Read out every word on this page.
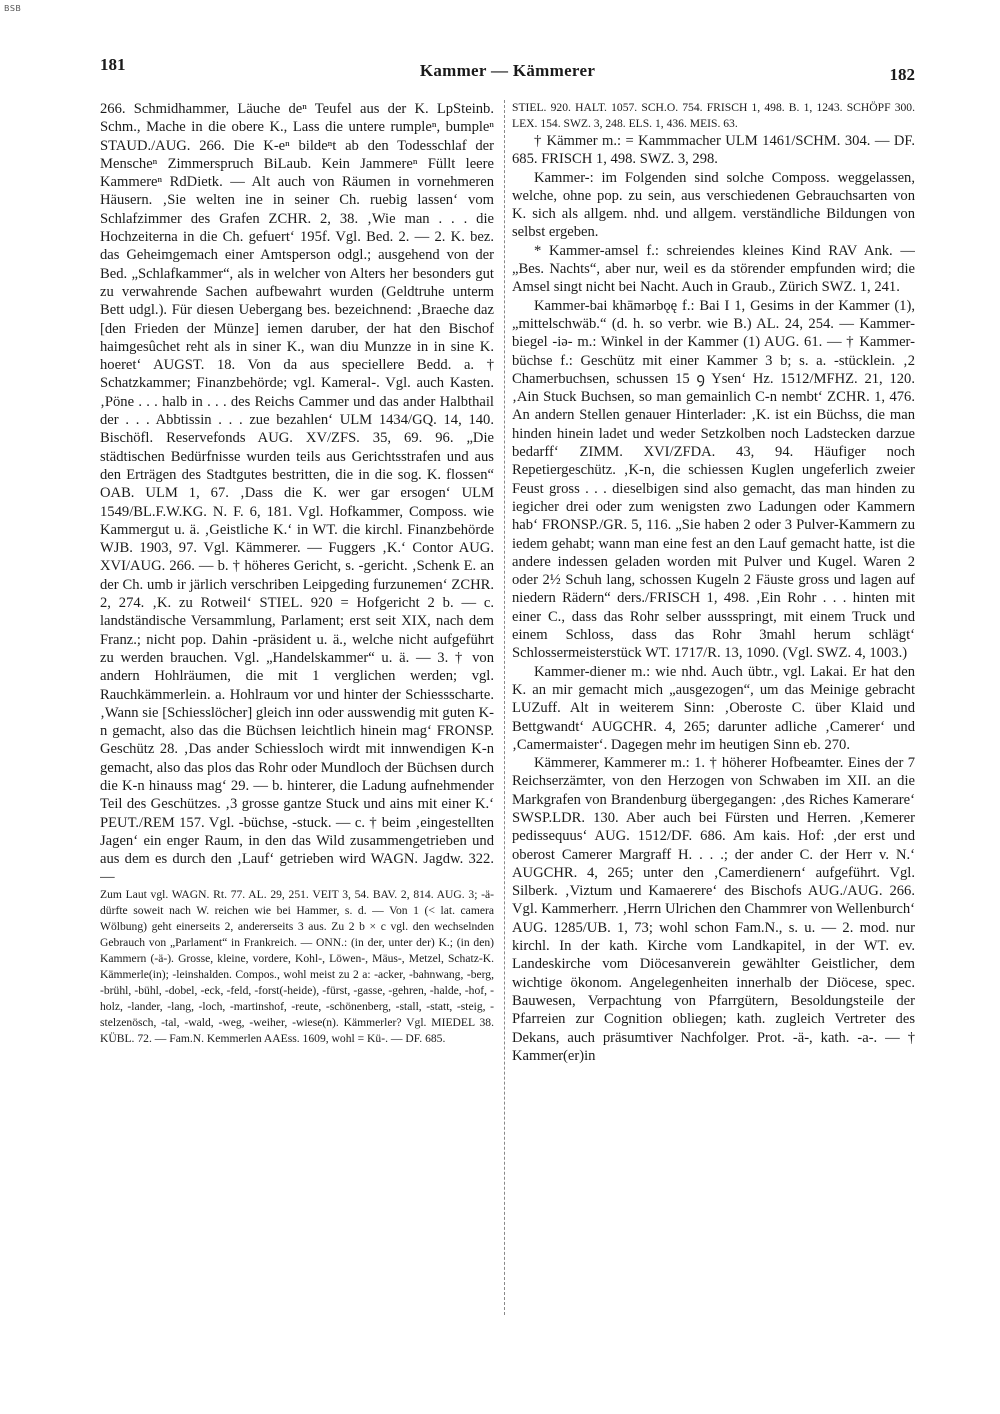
BSB
181	Kammer — Kämmerer	182

266. Schmidhammer, Läuche deⁿ Teufel aus der K. LpSteinb. Schm., Mache in die obere K., Lass die untere rumpleⁿ, bumpleⁿ STAUD./AUG. 266. Die K-eⁿ bildeⁿt ab den Todesschlaf der Menscheⁿ Zimmerspruch BiLaub. Kein Jammereⁿ Füllt leere Kammereⁿ RdDietk. — Alt auch von Räumen in vornehmeren Häusern. ‚Sie welten ine in seiner Ch. ruebig lassen‘ vom Schlafzimmer des Grafen ZCHR. 2, 38. ‚Wie man . . . die Hochzeiterna in die Ch. gefuert‘ 195f. Vgl. Bed. 2. — 2. K. bez. das Geheimgemach einer Amtsperson odgl.; ausgehend von der Bed. „Schlafkammer“, als in welcher von Alters her besonders gut zu verwahrende Sachen aufbewahrt wurden (Geldtruhe unterm Bett udgl.). Für diesen Uebergang bes. bezeichnend: ‚Braeche daz [den Frieden der Münze] iemen daruber, der hat den Bischof haimgesûchet reht als in siner K., wan diu Munzze in in sine K. hoeret‘ AUGST. 18. Von da aus speciellere Bedd. a. † Schatzkammer; Finanzbehörde; vgl. Kameral-. Vgl. auch Kasten. ‚Pöne . . . halb in . . . des Reichs Cammer und das ander Halbthail der . . . Abbtissin . . . zue bezahlen‘ ULM 1434/GQ. 14, 140. Bischöfl. Reservefonds AUG. XV/ZFS. 35, 69. 96. „Die städtischen Bedürfnisse wurden teils aus Gerichtsstrafen und aus den Erträgen des Stadtgutes bestritten, die in die sog. K. flossen“ OAB. ULM 1, 67. ‚Dass die K. wer gar ersogen‘ ULM 1549/BL.F.W.KG. N. F. 6, 181. Vgl. Hofkammer, Composs. wie Kammergut u. ä. ‚Geistliche K.‘ in WT. die kirchl. Finanzbehörde WJB. 1903, 97. Vgl. Kämmerer. — Fuggers ‚K.‘ Contor AUG. XVI/AUG. 266. — b. † höheres Gericht, s. -gericht. ‚Schenk E. an der Ch. umb ir järlich verschriben Leipgeding furzunemen‘ ZCHR. 2, 274. ‚K. zu Rotweil‘ STIEL. 920 = Hofgericht 2 b. — c. landständische Versammlung, Parlament; erst seit XIX, nach dem Franz.; nicht pop. Dahin -präsident u. ä., welche nicht aufgeführt zu werden brauchen. Vgl. „Handelskammer“ u. ä. — 3. † von andern Hohlräumen, die mit 1 verglichen werden; vgl. Rauchkämmerlein. a. Hohlraum vor und hinter der Schiessscharte. ‚Wann sie [Schiesslöcher] gleich inn oder ausswendig mit guten K-n gemacht, also das die Büchsen leichtlich hinein mag‘ FRONSP. Geschütz 28. ‚Das ander Schiessloch wirdt mit innwendigen K-n gemacht, also das plos das Rohr oder Mundloch der Büchsen durch die K-n hinauss mag‘ 29. — b. hinterer, die Ladung aufnehmender Teil des Geschützes. ‚3 grosse gantze Stuck und ains mit einer K.‘ PEUT./REM 157. Vgl. -büchse, -stuck. — c. † beim ‚eingestellten Jagen‘ ein enger Raum, in den das Wild zusammengetrieben und aus dem es durch den ‚Lauf‘ getrieben wird WAGN. Jagdw. 322. —

Zum Laut vgl. WAGN. Rt. 77. AL. 29, 251. VEIT 3, 54. BAV. 2, 814. AUG. 3; -ä- dürfte soweit nach W. reichen wie bei Hammer, s. d. — Von 1 (< lat. camera Wölbung) geht einerseits 2, andererseits 3 aus. Zu 2 b × c vgl. den wechselnden Gebrauch von „Parlament“ in Frankreich. — ONN.: (in der, unter der) K.; (in den) Kammern (-ä-). Grosse, kleine, vordere, Kohl-, Löwen-, Mäus-, Metzel, Schatz-K. Kämmerle(in); -leinshalden. Compos., wohl meist zu 2 a: -acker, -bahnwang, -berg, -brühl, -bühl, -dobel, -eck, -feld, -forst(-heide), -fürst, -gasse, -gehren, -halde, -hof, -holz, -lander, -lang, -loch, -martinshof, -reute, -schönenberg, -stall, -statt, -steig, -stelzenösch, -tal, -wald, -weg, -weiher, -wiese(n). Kämmerler? Vgl. MIEDEL 38. KÜBL. 72. — Fam.N. Kemmerlen AAEss. 1609, wohl = Kü-. — DF. 685.

STIEL. 920. HALT. 1057. SCH.O. 754. FRISCH 1, 498. B. 1, 1243. SCHÖPF 300. LEX. 154. SWZ. 3, 248. ELS. 1, 436. MEIS. 63.

† Kämmer m.: = Kammmacher ULM 1461/SCHM. 304. — DF. 685. FRISCH 1, 498. SWZ. 3, 298.

Kammer-: im Folgenden sind solche Composs. weggelassen, welche, ohne pop. zu sein, aus verschiedenen Gebrauchsarten von K. sich als allgem. nhd. und allgem. verständliche Bildungen von selbst ergeben.

* Kammer-amsel f.: schreiendes kleines Kind RAV Ank. — „Bes. Nachts“, aber nur, weil es da störender empfunden wird; die Amsel singt nicht bei Nacht. Auch in Graub., Zürich SWZ. 1, 241.

Kammer-bai khāmərbǫę f.: Bai I 1, Gesims in der Kammer (1), „mittelschwäb.“ (d. h. so verbr. wie B.) AL. 24, 254. — Kammer-biegel -iə- m.: Winkel in der Kammer (1) AUG. 61. — † Kammer-büchse f.: Geschütz mit einer Kammer 3 b; s. a. -stücklein. ‚2 Chamerbuchsen, schussen 15 ꝯ Ysen‘ Hz. 1512/MFHZ. 21, 120. ‚Ain Stuck Buchsen, so man gemainlich C-n nembt‘ ZCHR. 1, 476. An andern Stellen genauer Hinterlader: ‚K. ist ein Büchss, die man hinden hinein ladet und weder Setzkolben noch Ladstecken darzue bedarff‘ ZIMM. XVI/ZFDA. 43, 94. Häufiger noch Repetiergeschütz. ‚K-n, die schiessen Kuglen ungeferlich zweier Feust gross . . . dieselbigen sind also gemacht, das man hinden zu iegicher drei oder zum wenigsten zwo Ladungen oder Kammern hab‘ FRONSP./GR. 5, 116. „Sie haben 2 oder 3 Pulver-Kammern zu iedem gehabt; wann man eine fest an den Lauf gemacht hatte, ist die andere indessen geladen worden mit Pulver und Kugel. Waren 2 oder 2½ Schuh lang, schossen Kugeln 2 Fäuste gross und lagen auf niedern Rädern“ ders./FRISCH 1, 498. ‚Ein Rohr . . . hinten mit einer C., dass das Rohr selber aussspringt, mit einem Truck und einem Schloss, dass das Rohr 3mahl herum schlägt‘ Schlossermeisterstück WT. 1717/R. 13, 1090. (Vgl. SWZ. 4, 1003.)

Kammer-diener m.: wie nhd. Auch übtr., vgl. Lakai. Er hat den K. an mir gemacht mich „ausgezogen“, um das Meinige gebracht LUZuff. Alt in weiterem Sinn: ‚Oberoste C. über Klaid und Bettgwandt‘ AUGCHR. 4, 265; darunter adliche ‚Camerer‘ und ‚Camermaister‘. Dagegen mehr im heutigen Sinn eb. 270.

Kämmerer, Kammerer m.: 1. † höherer Hofbeamter. Eines der 7 Reichserzämter, von den Herzogen von Schwaben im XII. an die Markgrafen von Brandenburg übergegangen: ‚des Riches Kamerare‘ SWSP.LDR. 130. Aber auch bei Fürsten und Herren. ‚Kemerer pedissequus‘ AUG. 1512/DF. 686. Am kais. Hof: ‚der erst und oberost Camerer Margraff H. . . .; der ander C. der Herr v. N.‘ AUGCHR. 4, 265; unter den ‚Camerdienern‘ aufgeführt. Vgl. Silberk. ‚Viztum und Kamaerere‘ des Bischofs AUG./AUG. 266. Vgl. Kammerherr. ‚Herrn Ulrichen den Chammrer von Wellenburch‘ AUG. 1285/UB. 1, 73; wohl schon Fam.N., s. u. — 2. mod. nur kirchl. In der kath. Kirche vom Landkapitel, in der WT. ev. Landeskirche vom Diöcesanverein gewählter Geistlicher, dem wichtige ökonom. Angelegenheiten innerhalb der Diöcese, spec. Bauwesen, Verpachtung von Pfarrgütern, Besoldungsteile der Pfarreien zur Cognition obliegen; kath. zugleich Vertreter des Dekans, auch präsumtiver Nachfolger. Prot. -ä-, kath. -a-. — † Kammer(er)in
